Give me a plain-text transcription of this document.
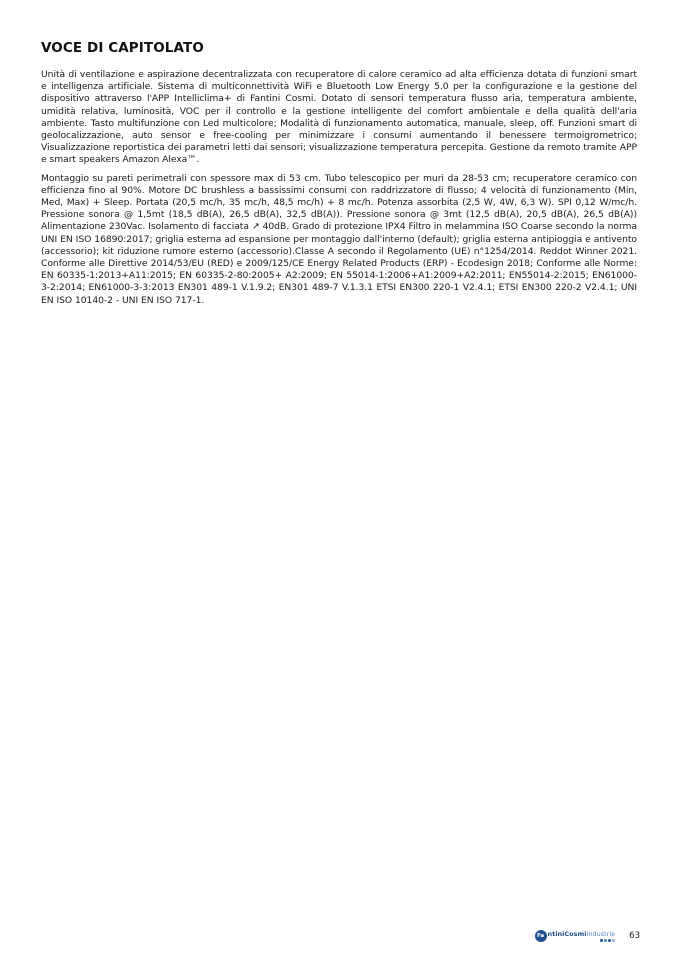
VOCE DI CAPITOLATO

Unità di ventilazione e aspirazione decentralizzata con recuperatore di calore ceramico ad alta efficienza dotata di funzioni smart e intelligenza artificiale. Sistema di multiconnettività WiFi e Bluetooth Low Energy 5.0 per la configurazione e la gestione del dispositivo attraverso l'APP Intelliclima+ di Fantini Cosmi. Dotato di sensori temperatura flusso aria, temperatura ambiente, umidità relativa, luminosità, VOC per il controllo e la gestione intelligente del comfort ambientale e della qualità dell'aria ambiente. Tasto multifunzione con Led multicolore; Modalità di funzionamento automatica, manuale, sleep, off. Funzioni smart di geolocalizzazione, auto sensor e free-cooling per minimizzare i consumi aumentando il benessere termoigrometrico; Visualizzazione reportistica dei parametri letti dai sensori; visualizzazione temperatura percepita. Gestione da remoto tramite APP e smart speakers Amazon Alexa™.

Montaggio su pareti perimetrali con spessore max di 53 cm. Tubo telescopico per muri da 28-53 cm; recuperatore ceramico con efficienza fino al 90%. Motore DC brushless a bassissimi consumi con raddrizzatore di flusso; 4 velocità di funzionamento (Min, Med, Max) + Sleep. Portata (20,5 mc/h, 35 mc/h, 48,5 mc/h) + 8 mc/h. Potenza assorbita (2,5 W, 4W, 6,3 W). SPI 0,12 W/mc/h. Pressione sonora @ 1,5mt (18,5 dB(A), 26,5 dB(A), 32,5 dB(A)). Pressione sonora @ 3mt (12,5 dB(A), 20,5 dB(A), 26,5 dB(A)) Alimentazione 230Vac. Isolamento di facciata ↗ 40dB. Grado di protezione IPX4 Filtro in melammina ISO Coarse secondo la norma UNI EN ISO 16890:2017; griglia esterna ad espansione per montaggio dall'interno (default); griglia esterna antipioggia e antivento (accessorio); kit riduzione rumore esterno (accessorio).Classe A secondo il Regolamento (UE) n°1254/2014. Reddot Winner 2021. Conforme alle Direttive 2014/53/EU (RED) e 2009/125/CE Energy Related Products (ERP) - Ecodesign 2018; Conforme alle Norme: EN 60335-1:2013+A11:2015; EN 60335-2-80:2005+ A2:2009; EN 55014-1:2006+A1:2009+A2:2011; EN55014-2:2015; EN61000-3-2:2014; EN61000-3-3:2013 EN301 489-1 V.1.9.2; EN301 489-7 V.1.3.1 ETSI EN300 220-1 V2.4.1; ETSI EN300 220-2 V2.4.1; UNI EN ISO 10140-2 - UNI EN ISO 717-1.

Fa ntiniCosmiIndustrie 63
